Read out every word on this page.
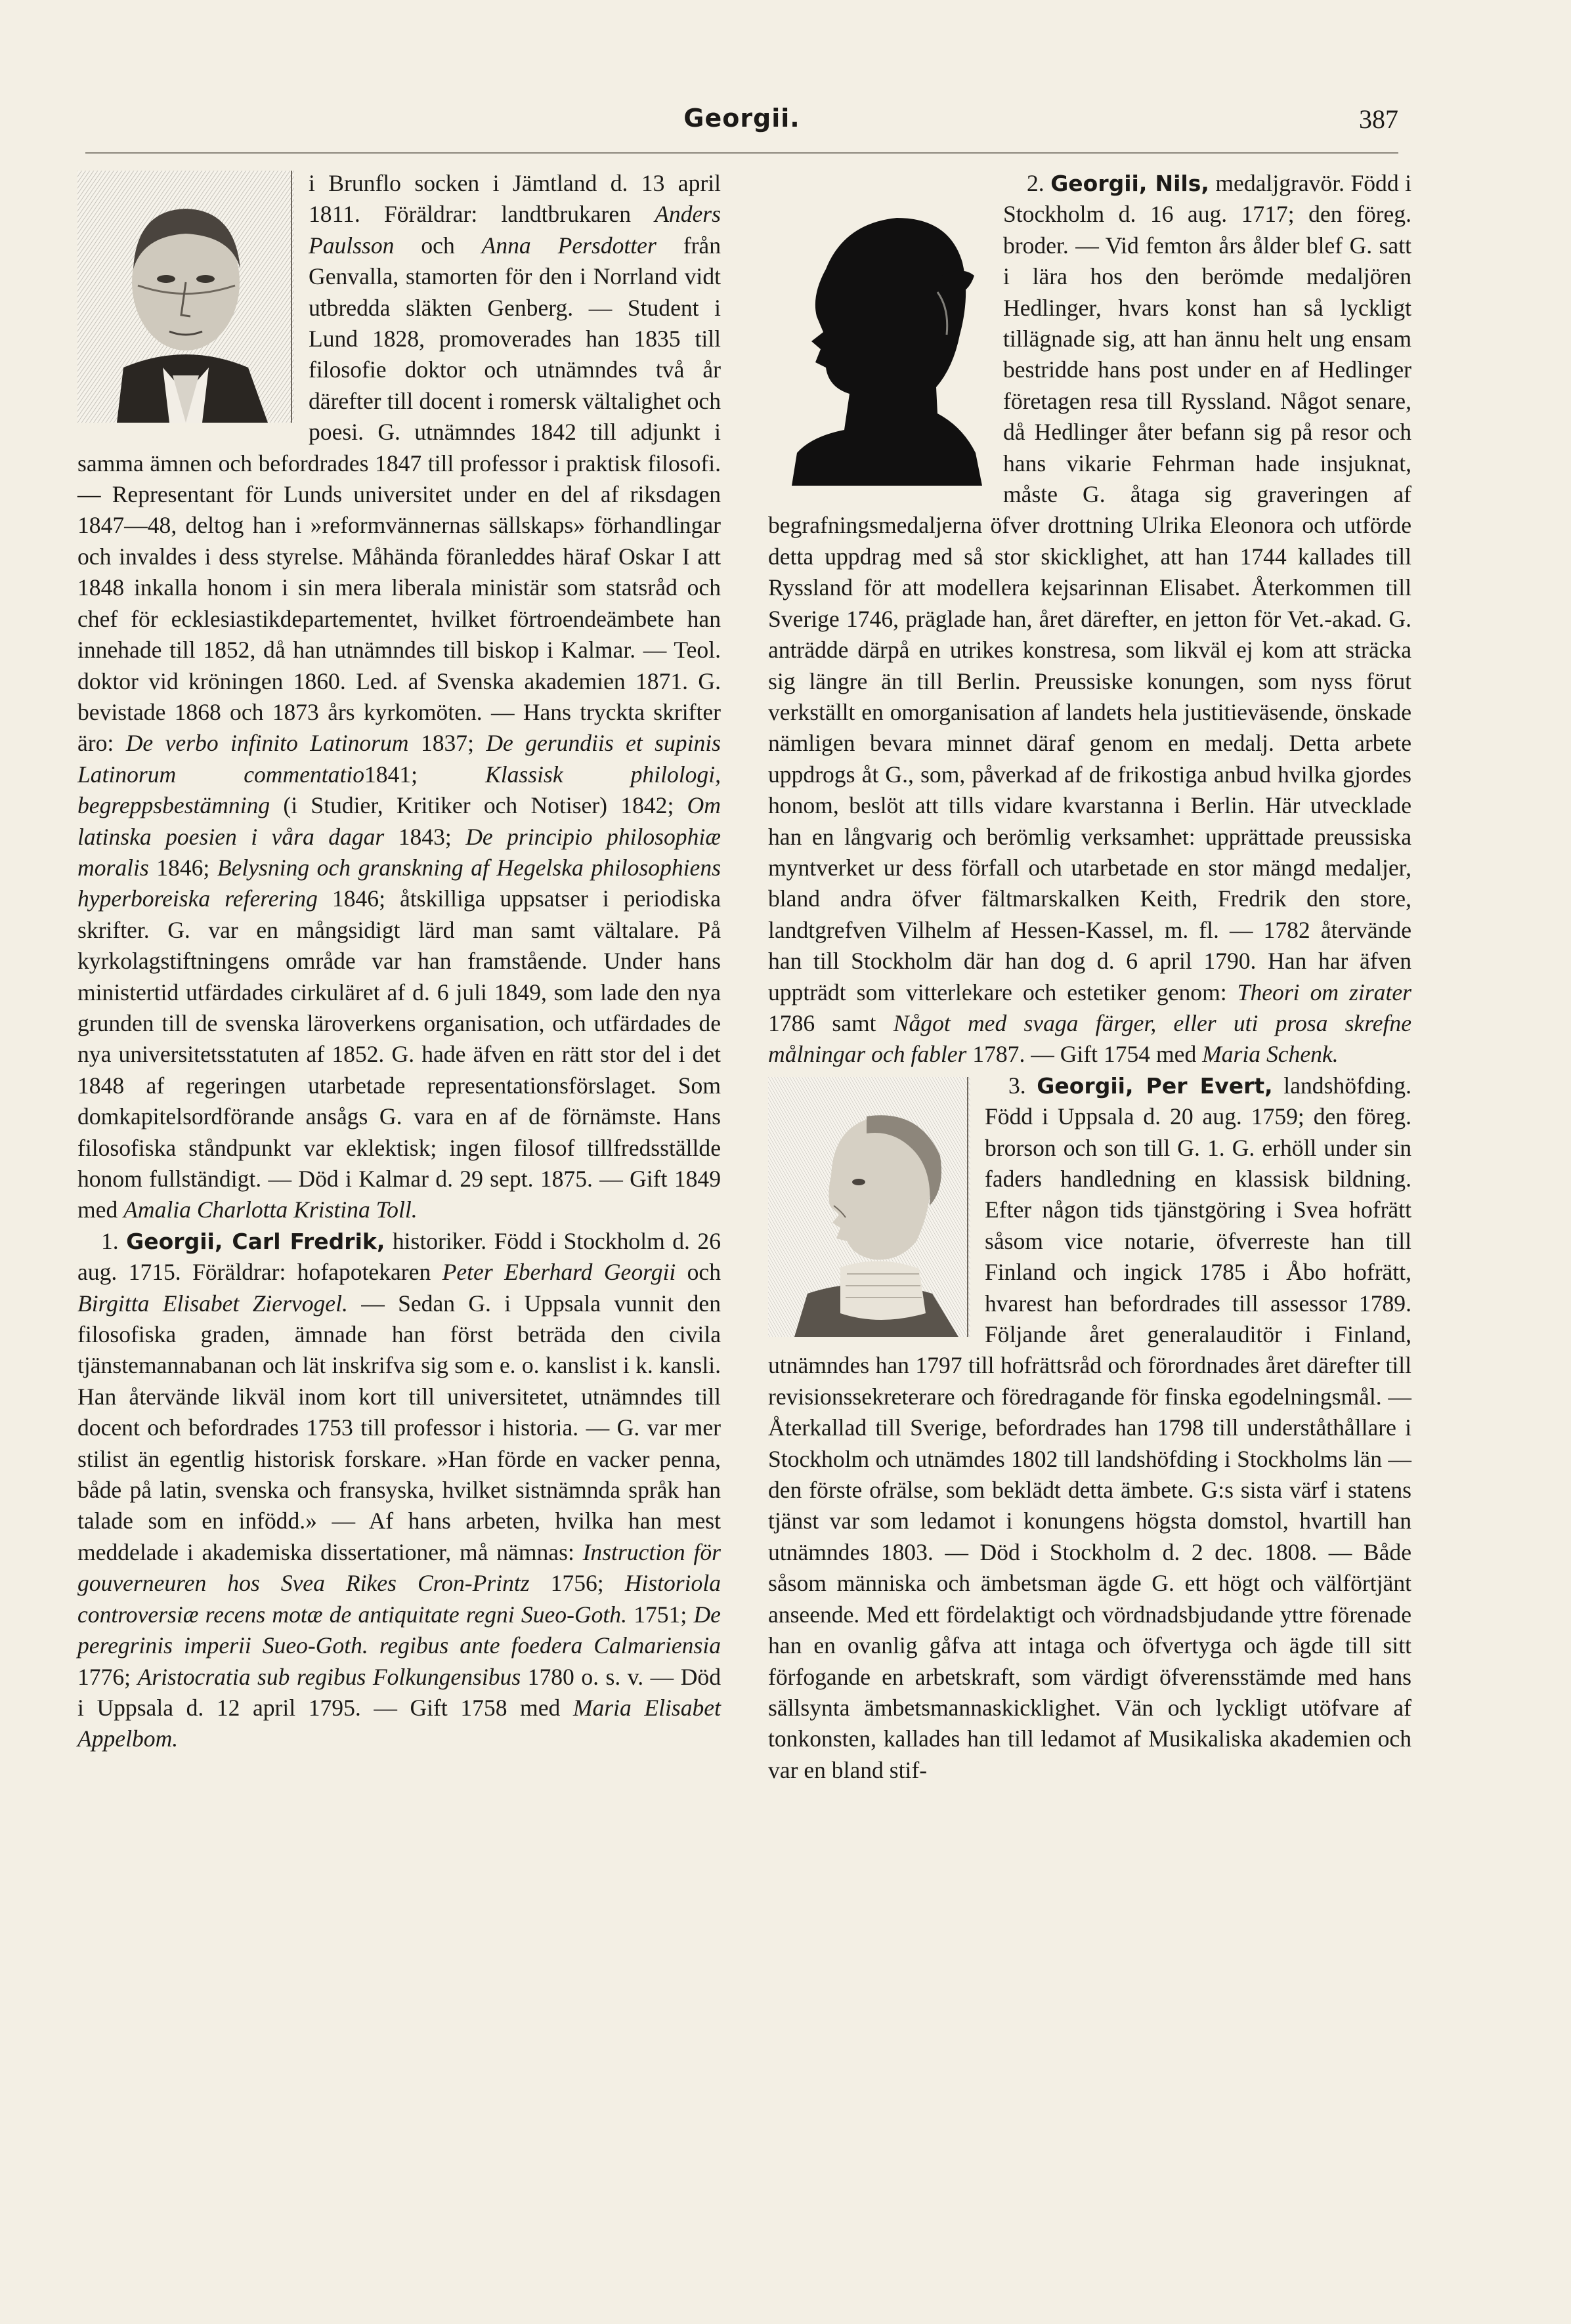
Georgii.	387

i Brunflo socken i Jämtland d. 13 april 1811. Föräldrar: landtbrukaren Anders Paulsson och Anna Persdotter från Genvalla, stamorten för den i Norrland vidt utbredda släkten Genberg. — Student i Lund 1828, promoverades han 1835 till filosofie doktor och utnämndes två år därefter till docent i romersk vältalighet och poesi. G. utnämndes 1842 till adjunkt i samma ämnen och befordrades 1847 till professor i praktisk filosofi. — Representant för Lunds universitet under en del af riksdagen 1847—48, deltog han i »reformvännernas sällskaps» förhandlingar och invaldes i dess styrelse. Måhända föranleddes häraf Oskar I att 1848 inkalla honom i sin mera liberala ministär som statsråd och chef för ecklesiastikdepartementet, hvilket förtroendeämbete han innehade till 1852, då han utnämndes till biskop i Kalmar. — Teol. doktor vid kröningen 1860. Led. af Svenska akademien 1871. G. bevistade 1868 och 1873 års kyrkomöten. — Hans tryckta skrifter äro: De verbo infinito Latinorum 1837; De gerundiis et supinis Latinorum commentatio1841; Klassisk philologi, begreppsbestämning (i Studier, Kritiker och Notiser) 1842; Om latinska poesien i våra dagar 1843; De principio philosophiæ moralis 1846; Belysning och granskning af Hegelska philosophiens hyperboreiska referering 1846; åtskilliga uppsatser i periodiska skrifter. G. var en mångsidigt lärd man samt vältalare. På kyrkolagstiftningens område var han framstående. Under hans ministertid utfärdades cirkuläret af d. 6 juli 1849, som lade den nya grunden till de svenska läroverkens organisation, och utfärdades de nya universitetsstatuten af 1852. G. hade äfven en rätt stor del i det 1848 af regeringen utarbetade representationsförslaget. Som domkapitelsordförande ansågs G. vara en af de förnämste. Hans filosofiska ståndpunkt var eklektisk; ingen filosof tillfredsställde honom fullständigt. — Död i Kalmar d. 29 sept. 1875. — Gift 1849 med Amalia Charlotta Kristina Toll.

1. Georgii, Carl Fredrik, historiker. Född i Stockholm d. 26 aug. 1715. Föräldrar: hofapotekaren Peter Eberhard Georgii och Birgitta Elisabet Ziervogel. — Sedan G. i Uppsala vunnit den filosofiska graden, ämnade han först beträda den civila tjänstemannabanan och lät inskrifva sig som e. o. kanslist i k. kansli. Han återvände likväl inom kort till universitetet, utnämndes till docent och befordrades 1753 till professor i historia. — G. var mer stilist än egentlig historisk forskare. »Han förde en vacker penna, både på latin, svenska och fransyska, hvilket sistnämnda språk han talade som en infödd.» — Af hans arbeten, hvilka han mest meddelade i akademiska dissertationer, må nämnas: Instruction för gouverneuren hos Svea Rikes Cron-Printz 1756; Historiola controversiæ recens motæ de antiquitate regni Sueo-Goth. 1751; De peregrinis imperii Sueo-Goth. regibus ante foedera Calmariensia 1776; Aristocratia sub regibus Folkungensibus 1780 o. s. v. — Död i Uppsala d. 12 april 1795. — Gift 1758 med Maria Elisabet Appelbom.

2. Georgii, Nils,
medaljgravör. Född i Stockholm d. 16 aug. 1717; den föreg. broder. — Vid femton års ålder blef G. satt i lära hos den berömde medaljören Hedlinger, hvars konst han så lyckligt tillägnade sig, att han ännu helt ung ensam bestridde hans post under en af Hedlinger företagen resa till Ryssland. Något senare, då Hedlinger åter befann sig på resor och hans vikarie Fehrman hade insjuknat, måste G. åtaga sig graveringen af begrafningsmedaljerna öfver drottning Ulrika Eleonora och utförde detta uppdrag med så stor skicklighet, att han 1744 kallades till Ryssland för att modellera kejsarinnan Elisabet. Återkommen till Sverige 1746, präglade han, året därefter, en jetton för Vet.-akad. G. anträdde därpå en utrikes konstresa, som likväl ej kom att sträcka sig längre än till Berlin. Preussiske konungen, som nyss förut verkställt en omorganisation af landets hela justitieväsende, önskade nämligen bevara minnet däraf genom en medalj. Detta arbete uppdrogs åt G., som, påverkad af de frikostiga anbud hvilka gjordes honom, beslöt att tills vidare kvarstanna i Berlin. Här utvecklade han en långvarig och berömlig verksamhet: upprättade preussiska myntverket ur dess förfall och utarbetade en stor mängd medaljer, bland andra öfver fältmarskalken Keith, Fredrik den store, landtgrefven Vilhelm af Hessen-Kassel, m. fl. — 1782 återvände han till Stockholm där han dog d. 6 april 1790. Han har äfven uppträdt som vitterlekare och estetiker genom: Theori om zirater 1786 samt Något med svaga färger, eller uti prosa skrefne målningar och fabler 1787. — Gift 1754 med Maria Schenk.

3. Georgii, Per Evert,
landshöfding. Född i Uppsala d. 20 aug. 1759; den föreg. brorson och son till G. 1. G. erhöll under sin faders handledning en klassisk bildning. Efter någon tids tjänstgöring i Svea hofrätt såsom vice notarie, öfverreste han till Finland och ingick 1785 i Åbo hofrätt, hvarest han befordrades till assessor 1789. Följande året generalauditör i Finland, utnämndes han 1797 till hofrättsråd och förordnades året därefter till revisionssekreterare och föredragande för finska egodelningsmål. — Återkallad till Sverige, befordrades han 1798 till underståthållare i Stockholm och utnämdes 1802 till landshöfding i Stockholms län — den förste ofrälse, som beklädt detta ämbete. G:s sista värf i statens tjänst var som ledamot i konungens högsta domstol, hvartill han utnämndes 1803. — Död i Stockholm d. 2 dec. 1808. — Både såsom människa och ämbetsman ägde G. ett högt och välförtjänt anseende. Med ett fördelaktigt och vördnadsbjudande yttre förenade han en ovanlig gåfva att intaga och öfvertyga och ägde till sitt förfogande en arbetskraft, som värdigt öfverensstämde med hans sällsynta ämbetsmannaskicklighet. Vän och lyckligt utöfvare af tonkonsten, kallades han till ledamot af Musikaliska akademien och var en bland stif-
